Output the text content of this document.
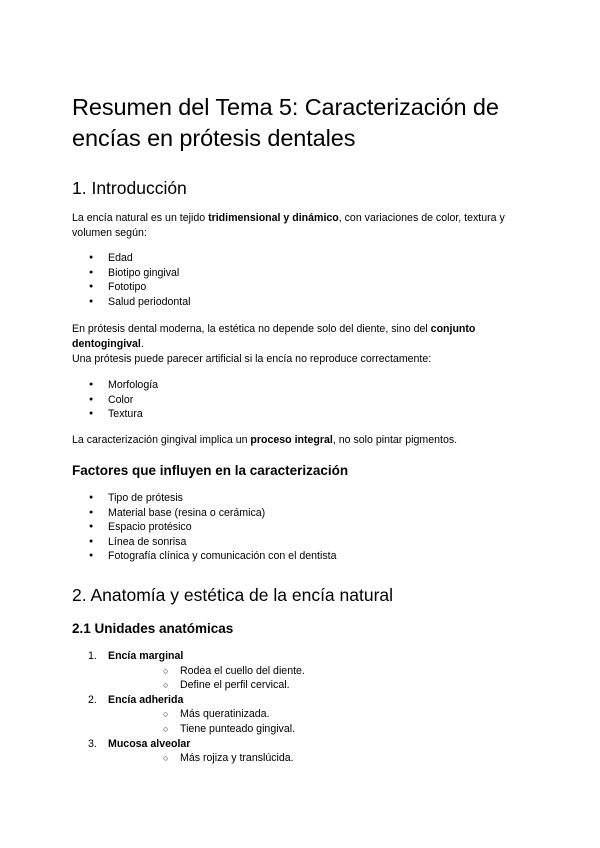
Resumen del Tema 5: Caracterización de encías en prótesis dentales
1. Introducción

La encía natural es un tejido tridimensional y dinámico, con variaciones de color, textura y volumen según:

● Edad
● Biotipo gingival
● Fototipo
● Salud periodontal

En prótesis dental moderna, la estética no depende solo del diente, sino del conjunto dentogingival.
Una prótesis puede parecer artificial si la encía no reproduce correctamente:

● Morfología
● Color
● Textura

La caracterización gingival implica un proceso integral, no solo pintar pigmentos.

Factores que influyen en la caracterización
● Tipo de prótesis
● Material base (resina o cerámica)
● Espacio protésico
● Línea de sonrisa
● Fotografía clínica y comunicación con el dentista
2. Anatomía y estética de la encía natural
2.1 Unidades anatómicas
1. Encía marginal
○ Rodea el cuello del diente.
○ Define el perfil cervical.
2. Encía adherida
○ Más queratinizada.
○ Tiene punteado gingival.
3. Mucosa alveolar
○ Más rojiza y translúcida.
